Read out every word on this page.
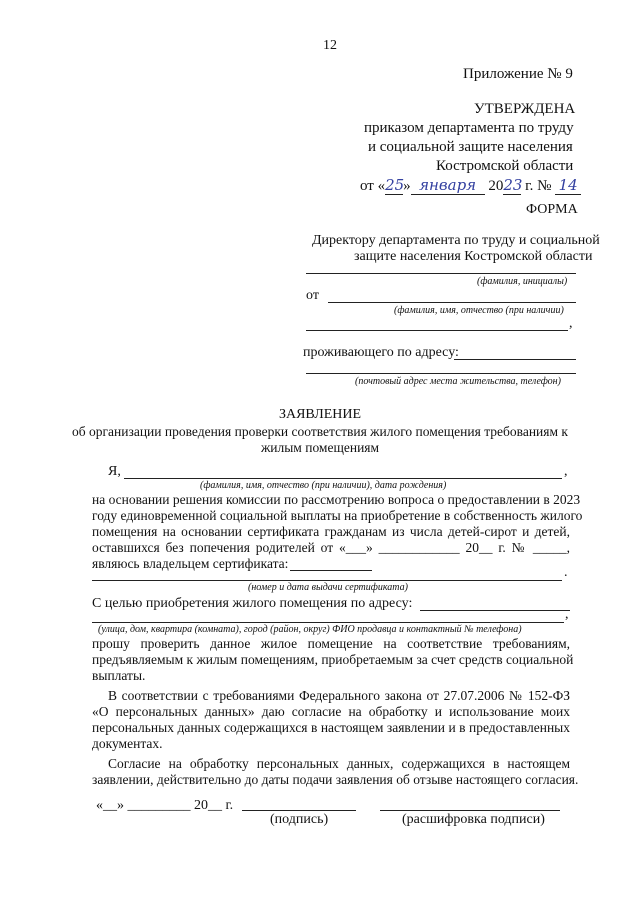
12
Приложение № 9
УТВЕРЖДЕНА
приказом департамента по труду
и социальной защите населения
Костромской области
от «25» января 2023 г. № 14
ФОРМА
Директору департамента по труду и социальной
защите населения Костромской области
(фамилия, инициалы)
от
(фамилия, имя, отчество (при наличии)
,
проживающего по адресу:
(почтовый адрес места жительства, телефон)
ЗАЯВЛЕНИЕ
об организации проведения проверки соответствия жилого помещения требованиям к
жилым помещениям
Я,	,
(фамилия, имя, отчество (при наличии), дата рождения)
на основании решения комиссии по рассмотрению вопроса о предоставлении в 2023
году единовременной социальной выплаты на приобретение в собственность жилого
помещения на основании сертификата гражданам из числа детей-сирот и детей,
оставшихся без попечения родителей от «___» ____________ 20__ г. № _____,
являюсь владельцем сертификата:
.
(номер и дата выдачи сертификата)
С целью приобретения жилого помещения по адресу:
,
(улица, дом, квартира (комната), город (район, округ) ФИО продавца и контактный № телефона)
прошу проверить данное жилое помещение на соответствие требованиям,
предъявляемым к жилым помещениям, приобретаемым за счет средств социальной
выплаты.
В соответствии с требованиями Федерального закона от 27.07.2006 № 152-ФЗ
«О персональных данных» даю согласие на обработку и использование моих
персональных данных содержащихся в настоящем заявлении и в предоставленных
документах.
Согласие на обработку персональных данных, содержащихся в настоящем
заявлении, действительно до даты подачи заявления об отзыве настоящего согласия.
«__» _________ 20__ г.
(подпись)	(расшифровка подписи)
